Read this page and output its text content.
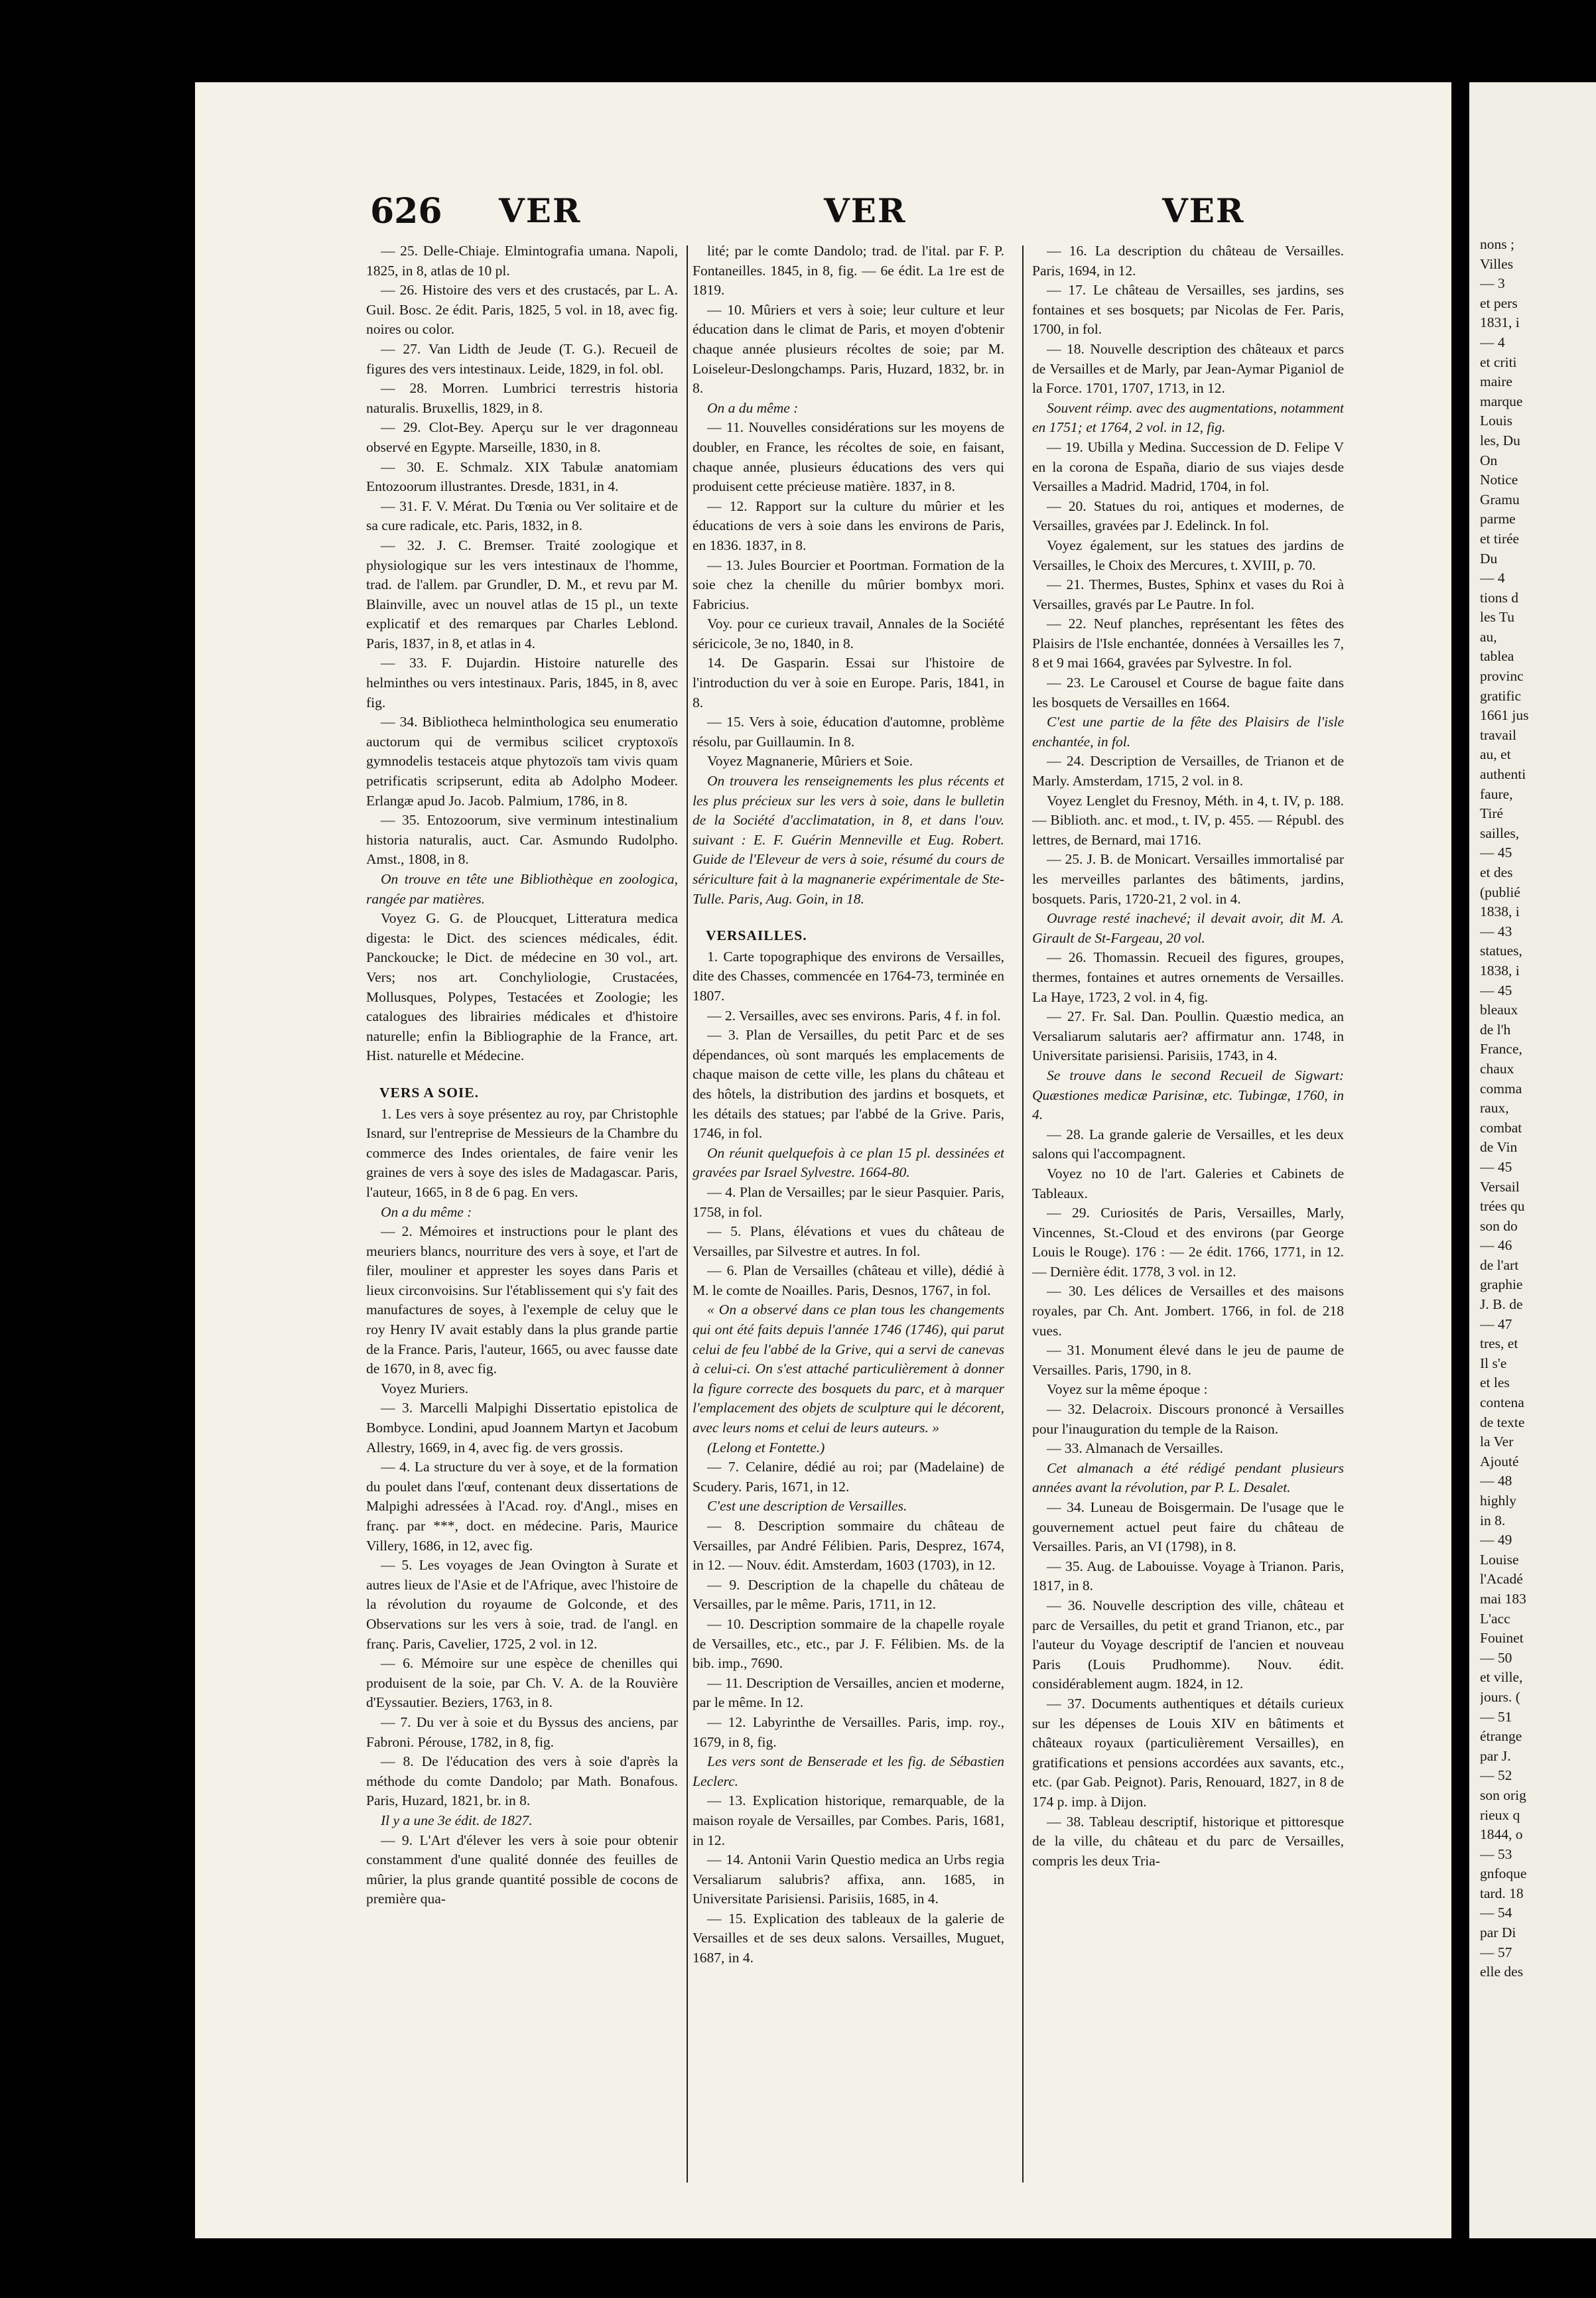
626 VER	VER	VER
— 25. Delle-Chiaje. Elmintografia umana. Napoli, 1825, in 8, atlas de 10 pl.
— 26. Histoire des vers et des crustacés, par L. A. Guil. Bosc. 2e édit. Paris, 1825, 5 vol. in 18, avec fig. noires ou color.
— 27. Van Lidth de Jeude (T. G.). Recueil de figures des vers intestinaux. Leide, 1829, in fol. obl.
— 28. Morren. Lumbrici terrestris historia naturalis. Bruxellis, 1829, in 8.
— 29. Clot-Bey. Aperçu sur le ver dragonneau observé en Egypte. Marseille, 1830, in 8.
— 30. E. Schmalz. XIX Tabulæ anatomiam Entozoorum illustrantes. Dresde, 1831, in 4.
— 31. F. V. Mérat. Du Tœnia ou Ver solitaire et de sa cure radicale, etc. Paris, 1832, in 8.
— 32. J. C. Bremser. Traité zoologique et physiologique sur les vers intestinaux de l'homme, trad. de l'allem. par Grundler, D. M., et revu par M. Blainville, avec un nouvel atlas de 15 pl., un texte explicatif et des remarques par Charles Leblond. Paris, 1837, in 8, et atlas in 4.
— 33. F. Dujardin. Histoire naturelle des helminthes ou vers intestinaux. Paris, 1845, in 8, avec fig.
— 34. Bibliotheca helminthologica seu enumeratio auctorum qui de vermibus scilicet cryptoxoïs gymnodelis testaceis atque phytozoïs tam vivis quam petrificatis scripserunt, edita ab Adolpho Modeer. Erlangæ apud Jo. Jacob. Palmium, 1786, in 8.
— 35. Entozoorum, sive verminum intestinalium historia naturalis, auct. Car. Asmundo Rudolpho. Amst., 1808, in 8.
On trouve en tête une Bibliothèque en zoologica, rangée par matières.
Voyez G. G. de Ploucquet, Litteratura medica digesta: le Dict. des sciences médicales, édit. Panckoucke; le Dict. de médecine en 30 vol., art. Vers; nos art. Conchyliologie, Crustacées, Mollusques, Polypes, Testacées et Zoologie; les catalogues des librairies médicales et d'histoire naturelle; enfin la Bibliographie de la France, art. Hist. naturelle et Médecine.
VERS A SOIE.
1. Les vers à soye présentez au roy, par Christophle Isnard, sur l'entreprise de Messieurs de la Chambre du commerce des Indes orientales, de faire venir les graines de vers à soye des isles de Madagascar. Paris, l'auteur, 1665, in 8 de 6 pag. En vers.
On a du même :
— 2. Mémoires et instructions pour le plant des meuriers blancs, nourriture des vers à soye, et l'art de filer, mouliner et apprester les soyes dans Paris et lieux circonvoisins. Sur l'établissement qui s'y fait des manufactures de soyes, à l'exemple de celuy que le roy Henry IV avait estably dans la plus grande partie de la France. Paris, l'auteur, 1665, ou avec fausse date de 1670, in 8, avec fig.
Voyez Muriers.
— 3. Marcelli Malpighi Dissertatio epistolica de Bombyce. Londini, apud Joannem Martyn et Jacobum Allestry, 1669, in 4, avec fig. de vers grossis.
— 4. La structure du ver à soye, et de la formation du poulet dans l'œuf, contenant deux dissertations de Malpighi adressées à l'Acad. roy. d'Angl., mises en franç. par ***, doct. en médecine. Paris, Maurice Villery, 1686, in 12, avec fig.
— 5. Les voyages de Jean Ovington à Surate et autres lieux de l'Asie et de l'Afrique, avec l'histoire de la révolution du royaume de Golconde, et des Observations sur les vers à soie, trad. de l'angl. en franç. Paris, Cavelier, 1725, 2 vol. in 12.
— 6. Mémoire sur une espèce de chenilles qui produisent de la soie, par Ch. V. A. de la Rouvière d'Eyssautier. Beziers, 1763, in 8.
— 7. Du ver à soie et du Byssus des anciens, par Fabroni. Pérouse, 1782, in 8, fig.
— 8. De l'éducation des vers à soie d'après la méthode du comte Dandolo; par Math. Bonafous. Paris, Huzard, 1821, br. in 8.
Il y a une 3e édit. de 1827.
— 9. L'Art d'élever les vers à soie pour obtenir constamment d'une qualité donnée des feuilles de mûrier, la plus grande quantité possible de cocons de première qua-
lité; par le comte Dandolo; trad. de l'ital. par F. P. Fontaneilles. 1845, in 8, fig. — 6e édit. La 1re est de 1819.
— 10. Mûriers et vers à soie; leur culture et leur éducation dans le climat de Paris, et moyen d'obtenir chaque année plusieurs récoltes de soie; par M. Loiseleur-Deslongchamps. Paris, Huzard, 1832, br. in 8.
On a du même :
— 11. Nouvelles considérations sur les moyens de doubler, en France, les récoltes de soie, en faisant, chaque année, plusieurs éducations des vers qui produisent cette précieuse matière. 1837, in 8.
— 12. Rapport sur la culture du mûrier et les éducations de vers à soie dans les environs de Paris, en 1836. 1837, in 8.
— 13. Jules Bourcier et Poortman. Formation de la soie chez la chenille du mûrier bombyx mori. Fabricius.
Voy. pour ce curieux travail, Annales de la Société séricicole, 3e no, 1840, in 8.
14. De Gasparin. Essai sur l'histoire de l'introduction du ver à soie en Europe. Paris, 1841, in 8.
— 15. Vers à soie, éducation d'automne, problème résolu, par Guillaumin. In 8.
Voyez Magnanerie, Mûriers et Soie.
On trouvera les renseignements les plus récents et les plus précieux sur les vers à soie, dans le bulletin de la Société d'acclimatation, in 8, et dans l'ouv. suivant : E. F. Guérin Menneville et Eug. Robert. Guide de l'Eleveur de vers à soie, résumé du cours de sériculture fait à la magnanerie expérimentale de Ste-Tulle. Paris, Aug. Goin, in 18.
VERSAILLES.
1. Carte topographique des environs de Versailles, dite des Chasses, commencée en 1764-73, terminée en 1807.
— 2. Versailles, avec ses environs. Paris, 4 f. in fol.
— 3. Plan de Versailles, du petit Parc et de ses dépendances, où sont marqués les emplacements de chaque maison de cette ville, les plans du château et des hôtels, la distribution des jardins et bosquets, et les détails des statues; par l'abbé de la Grive. Paris, 1746, in fol.
On réunit quelquefois à ce plan 15 pl. dessinées et gravées par Israel Sylvestre. 1664-80.
— 4. Plan de Versailles; par le sieur Pasquier. Paris, 1758, in fol.
— 5. Plans, élévations et vues du château de Versailles, par Silvestre et autres. In fol.
— 6. Plan de Versailles (château et ville), dédié à M. le comte de Noailles. Paris, Desnos, 1767, in fol.
« On a observé dans ce plan tous les changements qui ont été faits depuis l'année 1746 (1746), qui parut celui de feu l'abbé de la Grive, qui a servi de canevas à celui-ci. On s'est attaché particulièrement à donner la figure correcte des bosquets du parc, et à marquer l'emplacement des objets de sculpture qui le décorent, avec leurs noms et celui de leurs auteurs. »
(Lelong et Fontette.)
— 7. Celanire, dédié au roi; par (Madelaine) de Scudery. Paris, 1671, in 12.
C'est une description de Versailles.
— 8. Description sommaire du château de Versailles, par André Félibien. Paris, Desprez, 1674, in 12. — Nouv. édit. Amsterdam, 1603 (1703), in 12.
— 9. Description de la chapelle du château de Versailles, par le même. Paris, 1711, in 12.
— 10. Description sommaire de la chapelle royale de Versailles, etc., etc., par J. F. Félibien. Ms. de la bib. imp., 7690.
— 11. Description de Versailles, ancien et moderne, par le même. In 12.
— 12. Labyrinthe de Versailles. Paris, imp. roy., 1679, in 8, fig.
Les vers sont de Benserade et les fig. de Sébastien Leclerc.
— 13. Explication historique, remarquable, de la maison royale de Versailles, par Combes. Paris, 1681, in 12.
— 14. Antonii Varin Questio medica an Urbs regia Versaliarum salubris? affixa, ann. 1685, in Universitate Parisiensi. Parisiis, 1685, in 4.
— 15. Explication des tableaux de la galerie de Versailles et de ses deux salons. Versailles, Muguet, 1687, in 4.
— 16. La description du château de Versailles. Paris, 1694, in 12.
— 17. Le château de Versailles, ses jardins, ses fontaines et ses bosquets; par Nicolas de Fer. Paris, 1700, in fol.
— 18. Nouvelle description des châteaux et parcs de Versailles et de Marly, par Jean-Aymar Piganiol de la Force. 1701, 1707, 1713, in 12.
Souvent réimp. avec des augmentations, notamment en 1751; et 1764, 2 vol. in 12, fig.
— 19. Ubilla y Medina. Succession de D. Felipe V en la corona de España, diario de sus viajes desde Versailles a Madrid. Madrid, 1704, in fol.
— 20. Statues du roi, antiques et modernes, de Versailles, gravées par J. Edelinck. In fol.
Voyez également, sur les statues des jardins de Versailles, le Choix des Mercures, t. XVIII, p. 70.
— 21. Thermes, Bustes, Sphinx et vases du Roi à Versailles, gravés par Le Pautre. In fol.
— 22. Neuf planches, représentant les fêtes des Plaisirs de l'Isle enchantée, données à Versailles les 7, 8 et 9 mai 1664, gravées par Sylvestre. In fol.
— 23. Le Carousel et Course de bague faite dans les bosquets de Versailles en 1664.
C'est une partie de la fête des Plaisirs de l'isle enchantée, in fol.
— 24. Description de Versailles, de Trianon et de Marly. Amsterdam, 1715, 2 vol. in 8.
Voyez Lenglet du Fresnoy, Méth. in 4, t. IV, p. 188. — Biblioth. anc. et mod., t. IV, p. 455. — Républ. des lettres, de Bernard, mai 1716.
— 25. J. B. de Monicart. Versailles immortalisé par les merveilles parlantes des bâtiments, jardins, bosquets. Paris, 1720-21, 2 vol. in 4.
Ouvrage resté inachevé; il devait avoir, dit M. A. Girault de St-Fargeau, 20 vol.
— 26. Thomassin. Recueil des figures, groupes, thermes, fontaines et autres ornements de Versailles. La Haye, 1723, 2 vol. in 4, fig.
— 27. Fr. Sal. Dan. Poullin. Quæstio medica, an Versaliarum salutaris aer? affirmatur ann. 1748, in Universitate parisiensi. Parisiis, 1743, in 4.
Se trouve dans le second Recueil de Sigwart: Quæstiones medicæ Parisinæ, etc. Tubingæ, 1760, in 4.
— 28. La grande galerie de Versailles, et les deux salons qui l'accompagnent.
Voyez no 10 de l'art. Galeries et Cabinets de Tableaux.
— 29. Curiosités de Paris, Versailles, Marly, Vincennes, St.-Cloud et des environs (par George Louis le Rouge). 176 : — 2e édit. 1766, 1771, in 12. — Dernière édit. 1778, 3 vol. in 12.
— 30. Les délices de Versailles et des maisons royales, par Ch. Ant. Jombert. 1766, in fol. de 218 vues.
— 31. Monument élevé dans le jeu de paume de Versailles. Paris, 1790, in 8.
Voyez sur la même époque :
— 32. Delacroix. Discours prononcé à Versailles pour l'inauguration du temple de la Raison.
— 33. Almanach de Versailles.
Cet almanach a été rédigé pendant plusieurs années avant la révolution, par P. L. Desalet.
— 34. Luneau de Boisgermain. De l'usage que le gouvernement actuel peut faire du château de Versailles. Paris, an VI (1798), in 8.
— 35. Aug. de Labouisse. Voyage à Trianon. Paris, 1817, in 8.
— 36. Nouvelle description des ville, château et parc de Versailles, du petit et grand Trianon, etc., par l'auteur du Voyage descriptif de l'ancien et nouveau Paris (Louis Prudhomme). Nouv. édit. considérablement augm. 1824, in 12.
— 37. Documents authentiques et détails curieux sur les dépenses de Louis XIV en bâtiments et châteaux royaux (particulièrement Versailles), en gratifications et pensions accordées aux savants, etc., etc. (par Gab. Peignot). Paris, Renouard, 1827, in 8 de 174 p. imp. à Dijon.
— 38. Tableau descriptif, historique et pittoresque de la ville, du château et du parc de Versailles, compris les deux Tria-
nons ;
Villes
— 3
et pers
1831, i
— 4
et criti
maire
marque
Louis
les, Du
On
Notice
Gramu
parme
et tirée
Du
— 4
tions d
les Tu
au,
tablea
provinc
gratific
1661 jus
travail
au, et
authenti
faure,
Tiré
sailles,
— 45
et des
(publié
1838, i
— 43
statues,
1838, i
— 45
bleaux
de l'h
France,
chaux
comma
raux,
combat
de Vin
— 45
Versail
trées qu
son do
— 46
de l'art
graphie
J. B. de
— 47
tres, et
Il s'e
et les
contena
de texte
la Ver
Ajouté
— 48
highly
in 8.
— 49
Louise
l'Acadé
mai 183
L'acc
Fouinet
— 50
et ville,
jours. (
— 51
étrange
par J.
— 52
son orig
rieux q
1844, o
— 53
gnfoque
tard. 18
— 54
par Di
— 57
elle des
